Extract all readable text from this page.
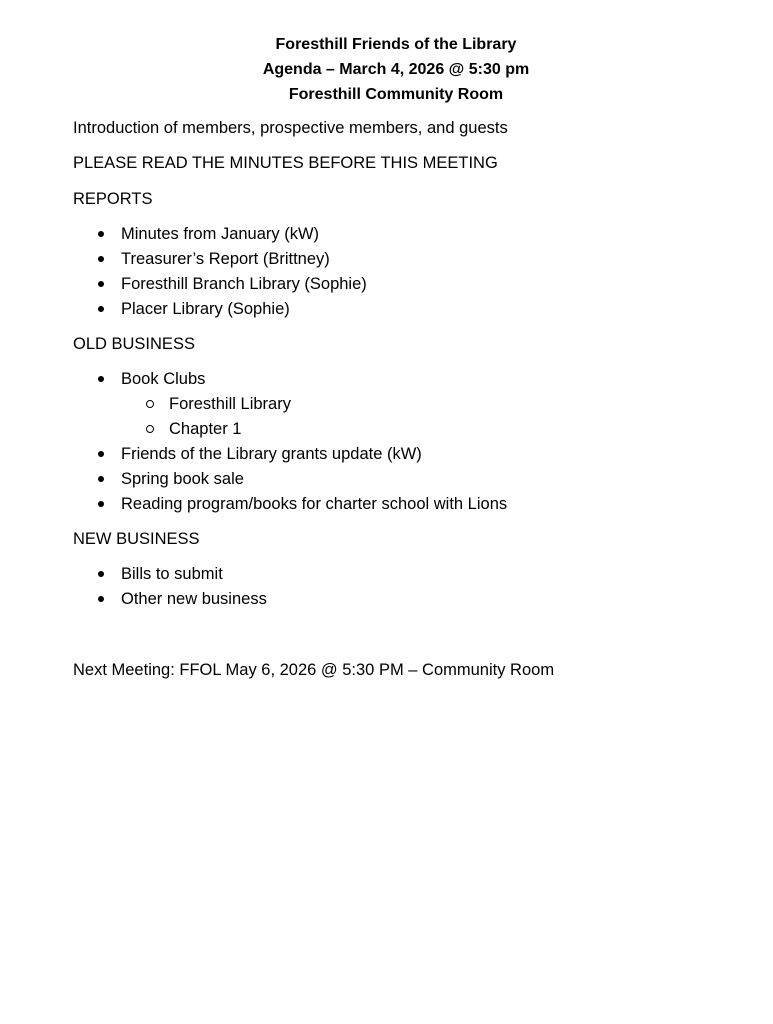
Foresthill Friends of the Library
Agenda – March 4, 2026 @ 5:30 pm
Foresthill Community Room
Introduction of members, prospective members, and guests
PLEASE READ THE MINUTES BEFORE THIS MEETING
REPORTS
Minutes from January (kW)
Treasurer’s Report (Brittney)
Foresthill Branch Library (Sophie)
Placer Library (Sophie)
OLD BUSINESS
Book Clubs
Foresthill Library
Chapter 1
Friends of the Library grants update (kW)
Spring book sale
Reading program/books for charter school with Lions
NEW BUSINESS
Bills to submit
Other new business
Next Meeting: FFOL May 6, 2026 @ 5:30 PM – Community Room
